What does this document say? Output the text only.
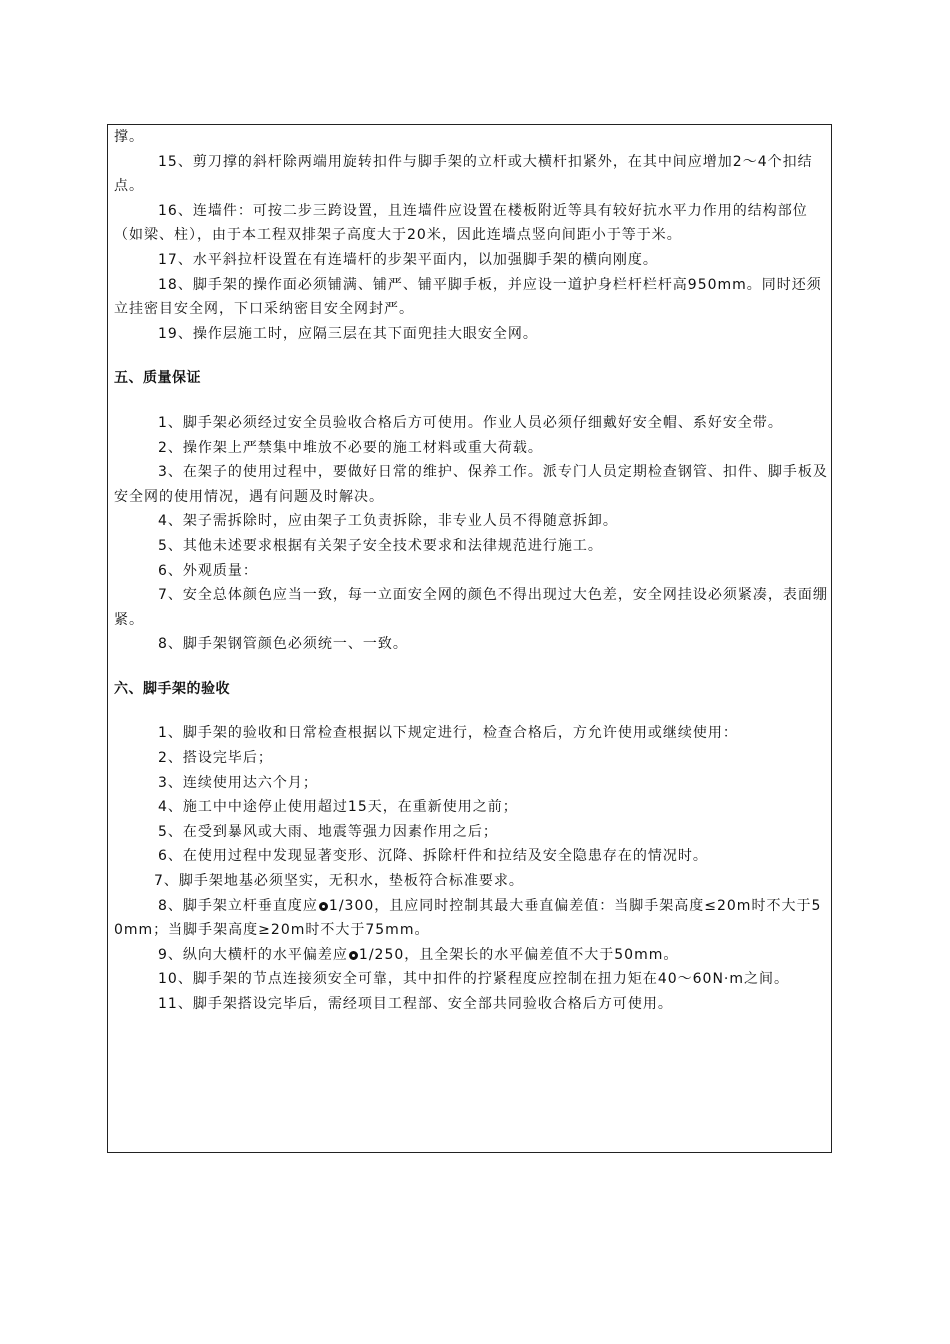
撑。

15、剪刀撑的斜杆除两端用旋转扣件与脚手架的立杆或大横杆扣紧外，在其中间应增加2～4个扣结点。

16、连墙件：可按二步三跨设置，且连墙件应设置在楼板附近等具有较好抗水平力作用的结构部位（如梁、柱），由于本工程双排架子高度大于20米，因此连墙点竖向间距小于等于米。

17、水平斜拉杆设置在有连墙杆的步架平面内，以加强脚手架的横向刚度。

18、脚手架的操作面必须铺满、铺严、铺平脚手板，并应设一道护身栏杆栏杆高950mm。同时还须立挂密目安全网，下口采纳密目安全网封严。

19、操作层施工时，应隔三层在其下面兜挂大眼安全网。

五、质量保证

1、脚手架必须经过安全员验收合格后方可使用。作业人员必须仔细戴好安全帽、系好安全带。

2、操作架上严禁集中堆放不必要的施工材料或重大荷载。

3、在架子的使用过程中，要做好日常的维护、保养工作。派专门人员定期检查钢管、扣件、脚手板及安全网的使用情况，遇有问题及时解决。

4、架子需拆除时，应由架子工负责拆除，非专业人员不得随意拆卸。

5、其他未述要求根据有关架子安全技术要求和法律规范进行施工。

6、外观质量：

7、安全总体颜色应当一致，每一立面安全网的颜色不得出现过大色差，安全网挂设必须紧凑，表面绷紧。

8、脚手架钢管颜色必须统一、一致。

六、脚手架的验收

1、脚手架的验收和日常检查根据以下规定进行，检查合格后，方允许使用或继续使用：

2、搭设完毕后；

3、连续使用达六个月；

4、施工中中途停止使用超过15天，在重新使用之前；

5、在受到暴风或大雨、地震等强力因素作用之后；

6、在使用过程中发现显著变形、沉降、拆除杆件和拉结及安全隐患存在的情况时。

7、脚手架地基必须坚实，无积水，垫板符合标准要求。

8、脚手架立杆垂直度应○1/300，且应同时控制其最大垂直偏差值：当脚手架高度≤20m时不大于50mm；当脚手架高度≥20m时不大于75mm。

9、纵向大横杆的水平偏差应○1/250，且全架长的水平偏差值不大于50mm。

10、脚手架的节点连接须安全可靠，其中扣件的拧紧程度应控制在扭力矩在40～60N·m之间。

11、脚手架搭设完毕后，需经项目工程部、安全部共同验收合格后方可使用。
